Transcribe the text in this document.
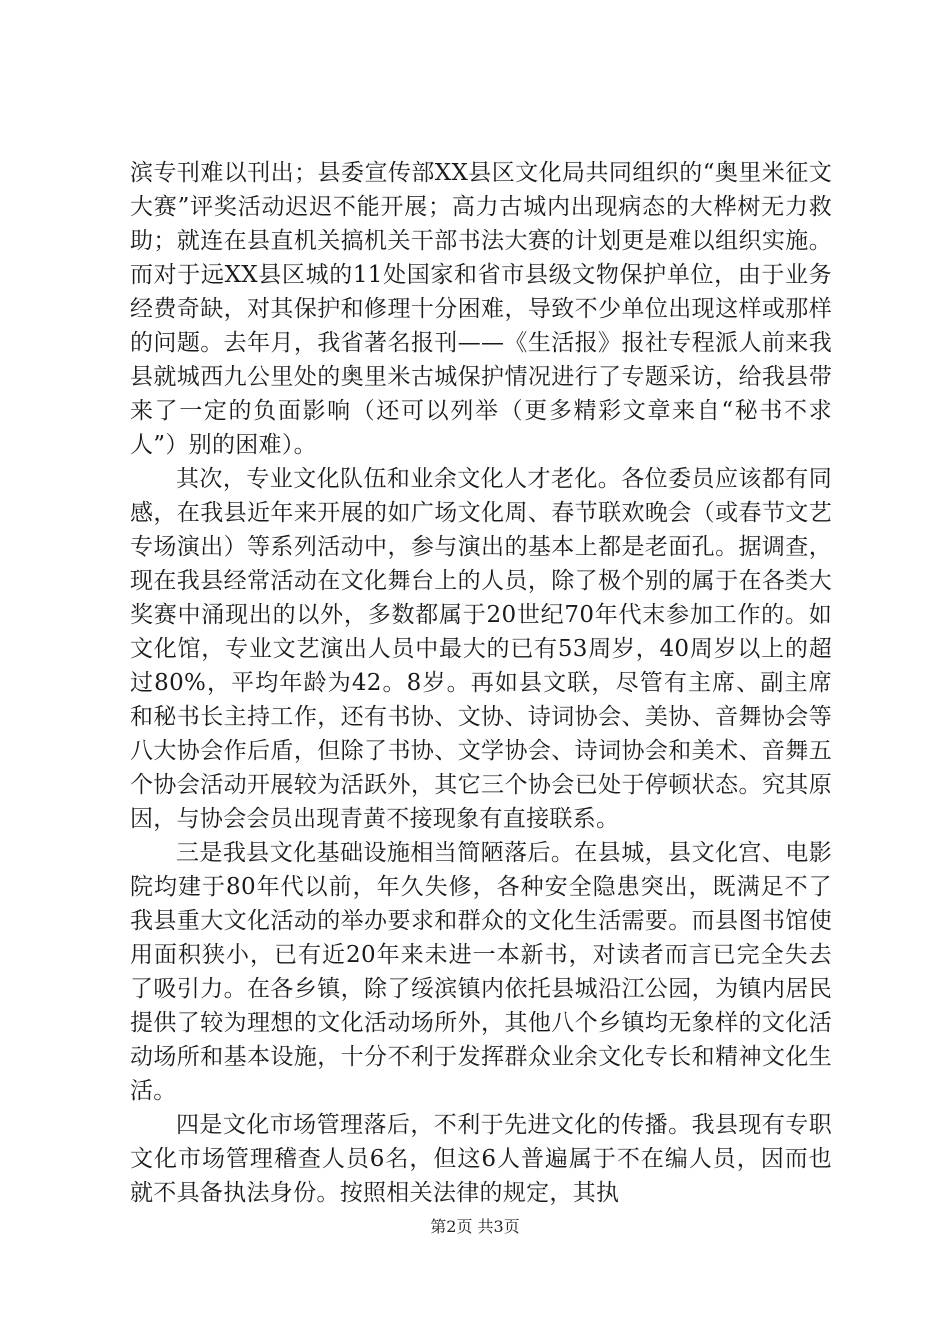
滨专刊难以刊出；县委宣传部XX县区文化局共同组织的“奥里米征文大赛”评奖活动迟迟不能开展；高力古城内出现病态的大桦树无力救助；就连在县直机关搞机关干部书法大赛的计划更是难以组织实施。而对于远XX县区城的11处国家和省市县级文物保护单位，由于业务经费奇缺，对其保护和修理十分困难，导致不少单位出现这样或那样的问题。去年月，我省著名报刊——《生活报》报社专程派人前来我县就城西九公里处的奥里米古城保护情况进行了专题采访，给我县带来了一定的负面影响（还可以列举（更多精彩文章来自“秘书不求人”）别的困难）。

其次，专业文化队伍和业余文化人才老化。各位委员应该都有同感，在我县近年来开展的如广场文化周、春节联欢晚会（或春节文艺专场演出）等系列活动中，参与演出的基本上都是老面孔。据调查，现在我县经常活动在文化舞台上的人员，除了极个别的属于在各类大奖赛中涌现出的以外，多数都属于20世纪70年代末参加工作的。如文化馆，专业文艺演出人员中最大的已有53周岁，40周岁以上的超过80%，平均年龄为42。8岁。再如县文联，尽管有主席、副主席和秘书长主持工作，还有书协、文协、诗词协会、美协、音舞协会等八大协会作后盾，但除了书协、文学协会、诗词协会和美术、音舞五个协会活动开展较为活跃外，其它三个协会已处于停顿状态。究其原因，与协会会员出现青黄不接现象有直接联系。

三是我县文化基础设施相当简陋落后。在县城，县文化宫、电影院均建于80年代以前，年久失修，各种安全隐患突出，既满足不了我县重大文化活动的举办要求和群众的文化生活需要。而县图书馆使用面积狭小，已有近20年来未进一本新书，对读者而言已完全失去了吸引力。在各乡镇，除了绥滨镇内依托县城沿江公园，为镇内居民提供了较为理想的文化活动场所外，其他八个乡镇均无象样的文化活动场所和基本设施，十分不利于发挥群众业余文化专长和精神文化生活。

四是文化市场管理落后，不利于先进文化的传播。我县现有专职文化市场管理稽查人员6名，但这6人普遍属于不在编人员，因而也就不具备执法身份。按照相关法律的规定，其执

第2页 共3页
